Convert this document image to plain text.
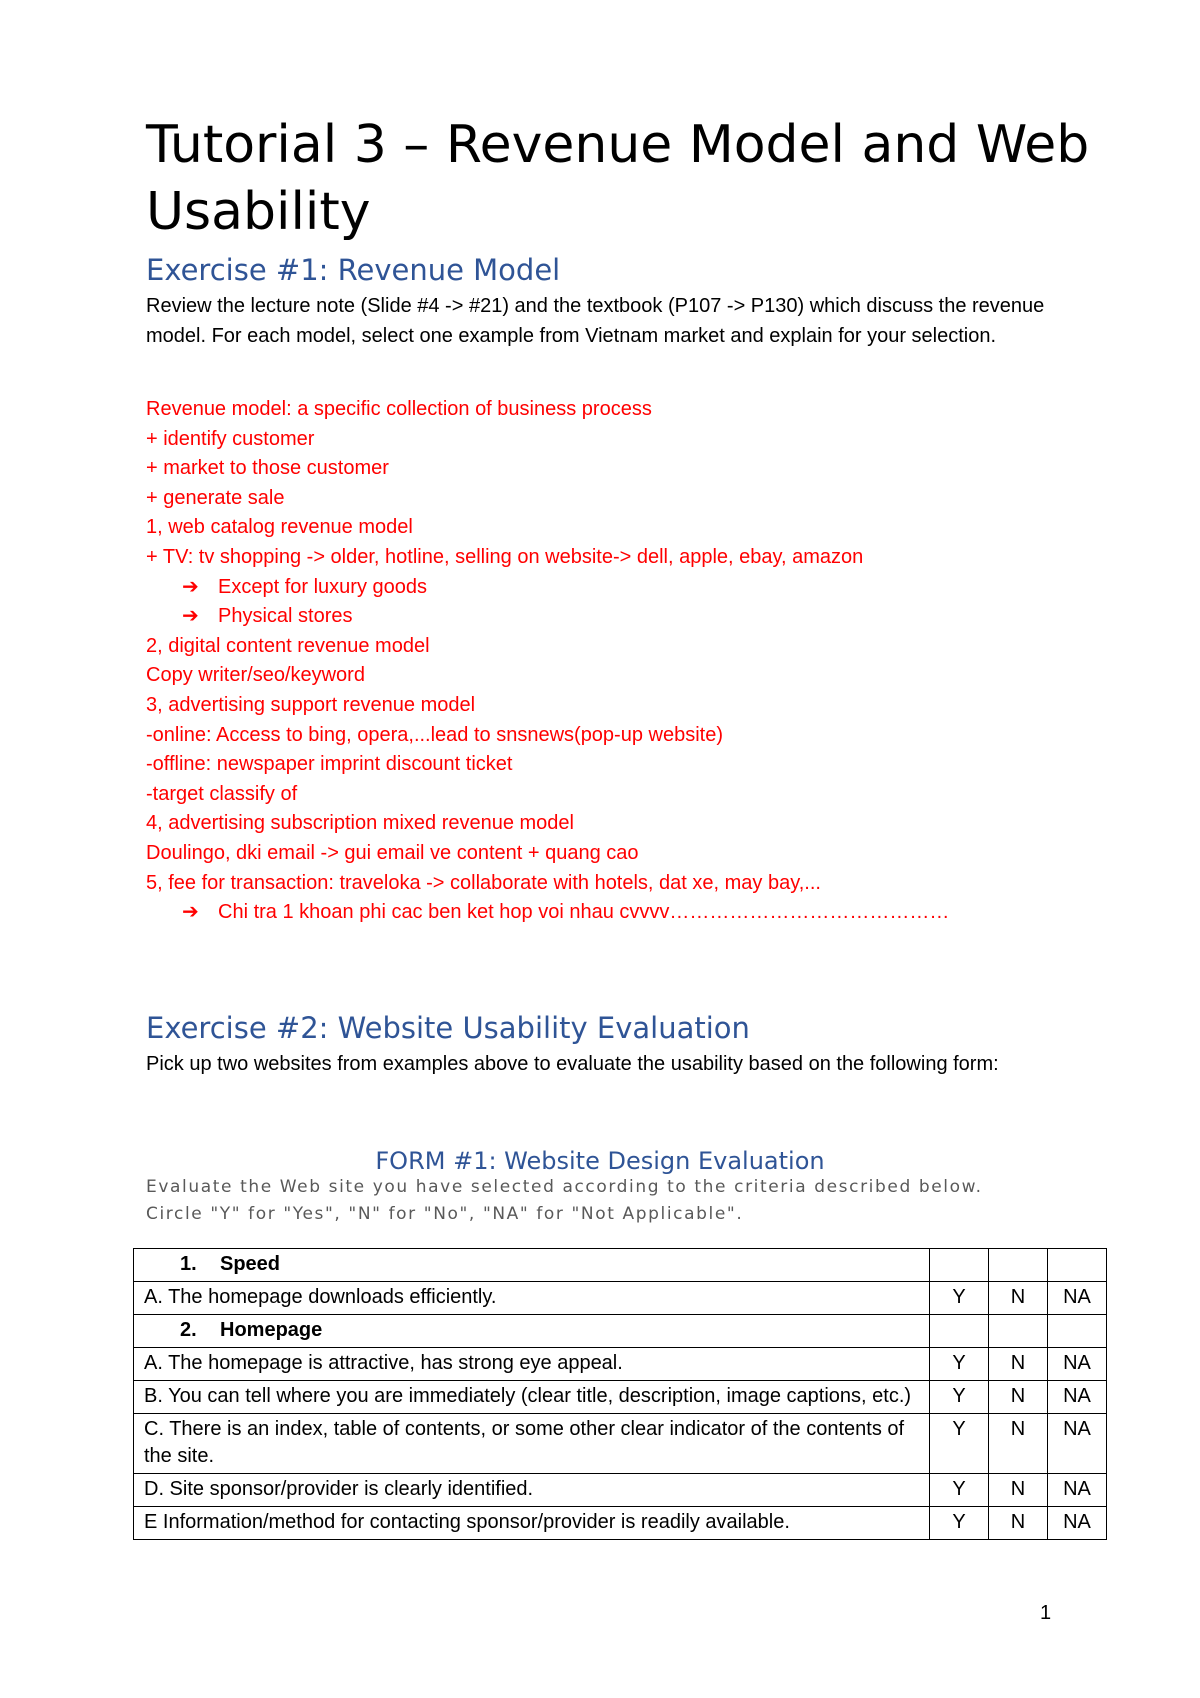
Tutorial 3 – Revenue Model and Web Usability
Exercise #1: Revenue Model

Review the lecture note (Slide #4 -> #21) and the textbook (P107 -> P130) which discuss the revenue model. For each model, select one example from Vietnam market and explain for your selection.

Revenue model: a specific collection of business process
+ identify customer
+ market to those customer
+ generate sale
1, web catalog revenue model
+ TV: tv shopping -> older, hotline, selling on website-> dell, apple, ebay, amazon
➔ Except for luxury goods
➔ Physical stores
2, digital content revenue model
Copy writer/seo/keyword
3, advertising support revenue model
-online: Access to bing, opera,...lead to snsnews(pop-up website)
-offline: newspaper imprint discount ticket
-target classify of
4, advertising subscription mixed revenue model
Doulingo, dki email -> gui email ve content + quang cao
5, fee for transaction: traveloka -> collaborate with hotels, dat xe, may bay,...
➔ Chi tra 1 khoan phi cac ben ket hop voi nhau cvvvv……………………………………
Exercise #2: Website Usability Evaluation

Pick up two websites from examples above to evaluate the usability based on the following form:

FORM #1: Website Design Evaluation

Evaluate the Web site you have selected according to the criteria described below.

Circle "Y" for "Yes", "N" for "No", "NA" for "Not Applicable".

1. Speed			
A. The homepage downloads efficiently.	Y	N	NA
2. Homepage			
A. The homepage is attractive, has strong eye appeal.	Y	N	NA
B. You can tell where you are immediately (clear title, description, image captions, etc.)	Y	N	NA
C. There is an index, table of contents, or some other clear indicator of the contents of the site.	Y	N	NA
D. Site sponsor/provider is clearly identified.	Y	N	NA
E Information/method for contacting sponsor/provider is readily available.	Y	N	NA
1
